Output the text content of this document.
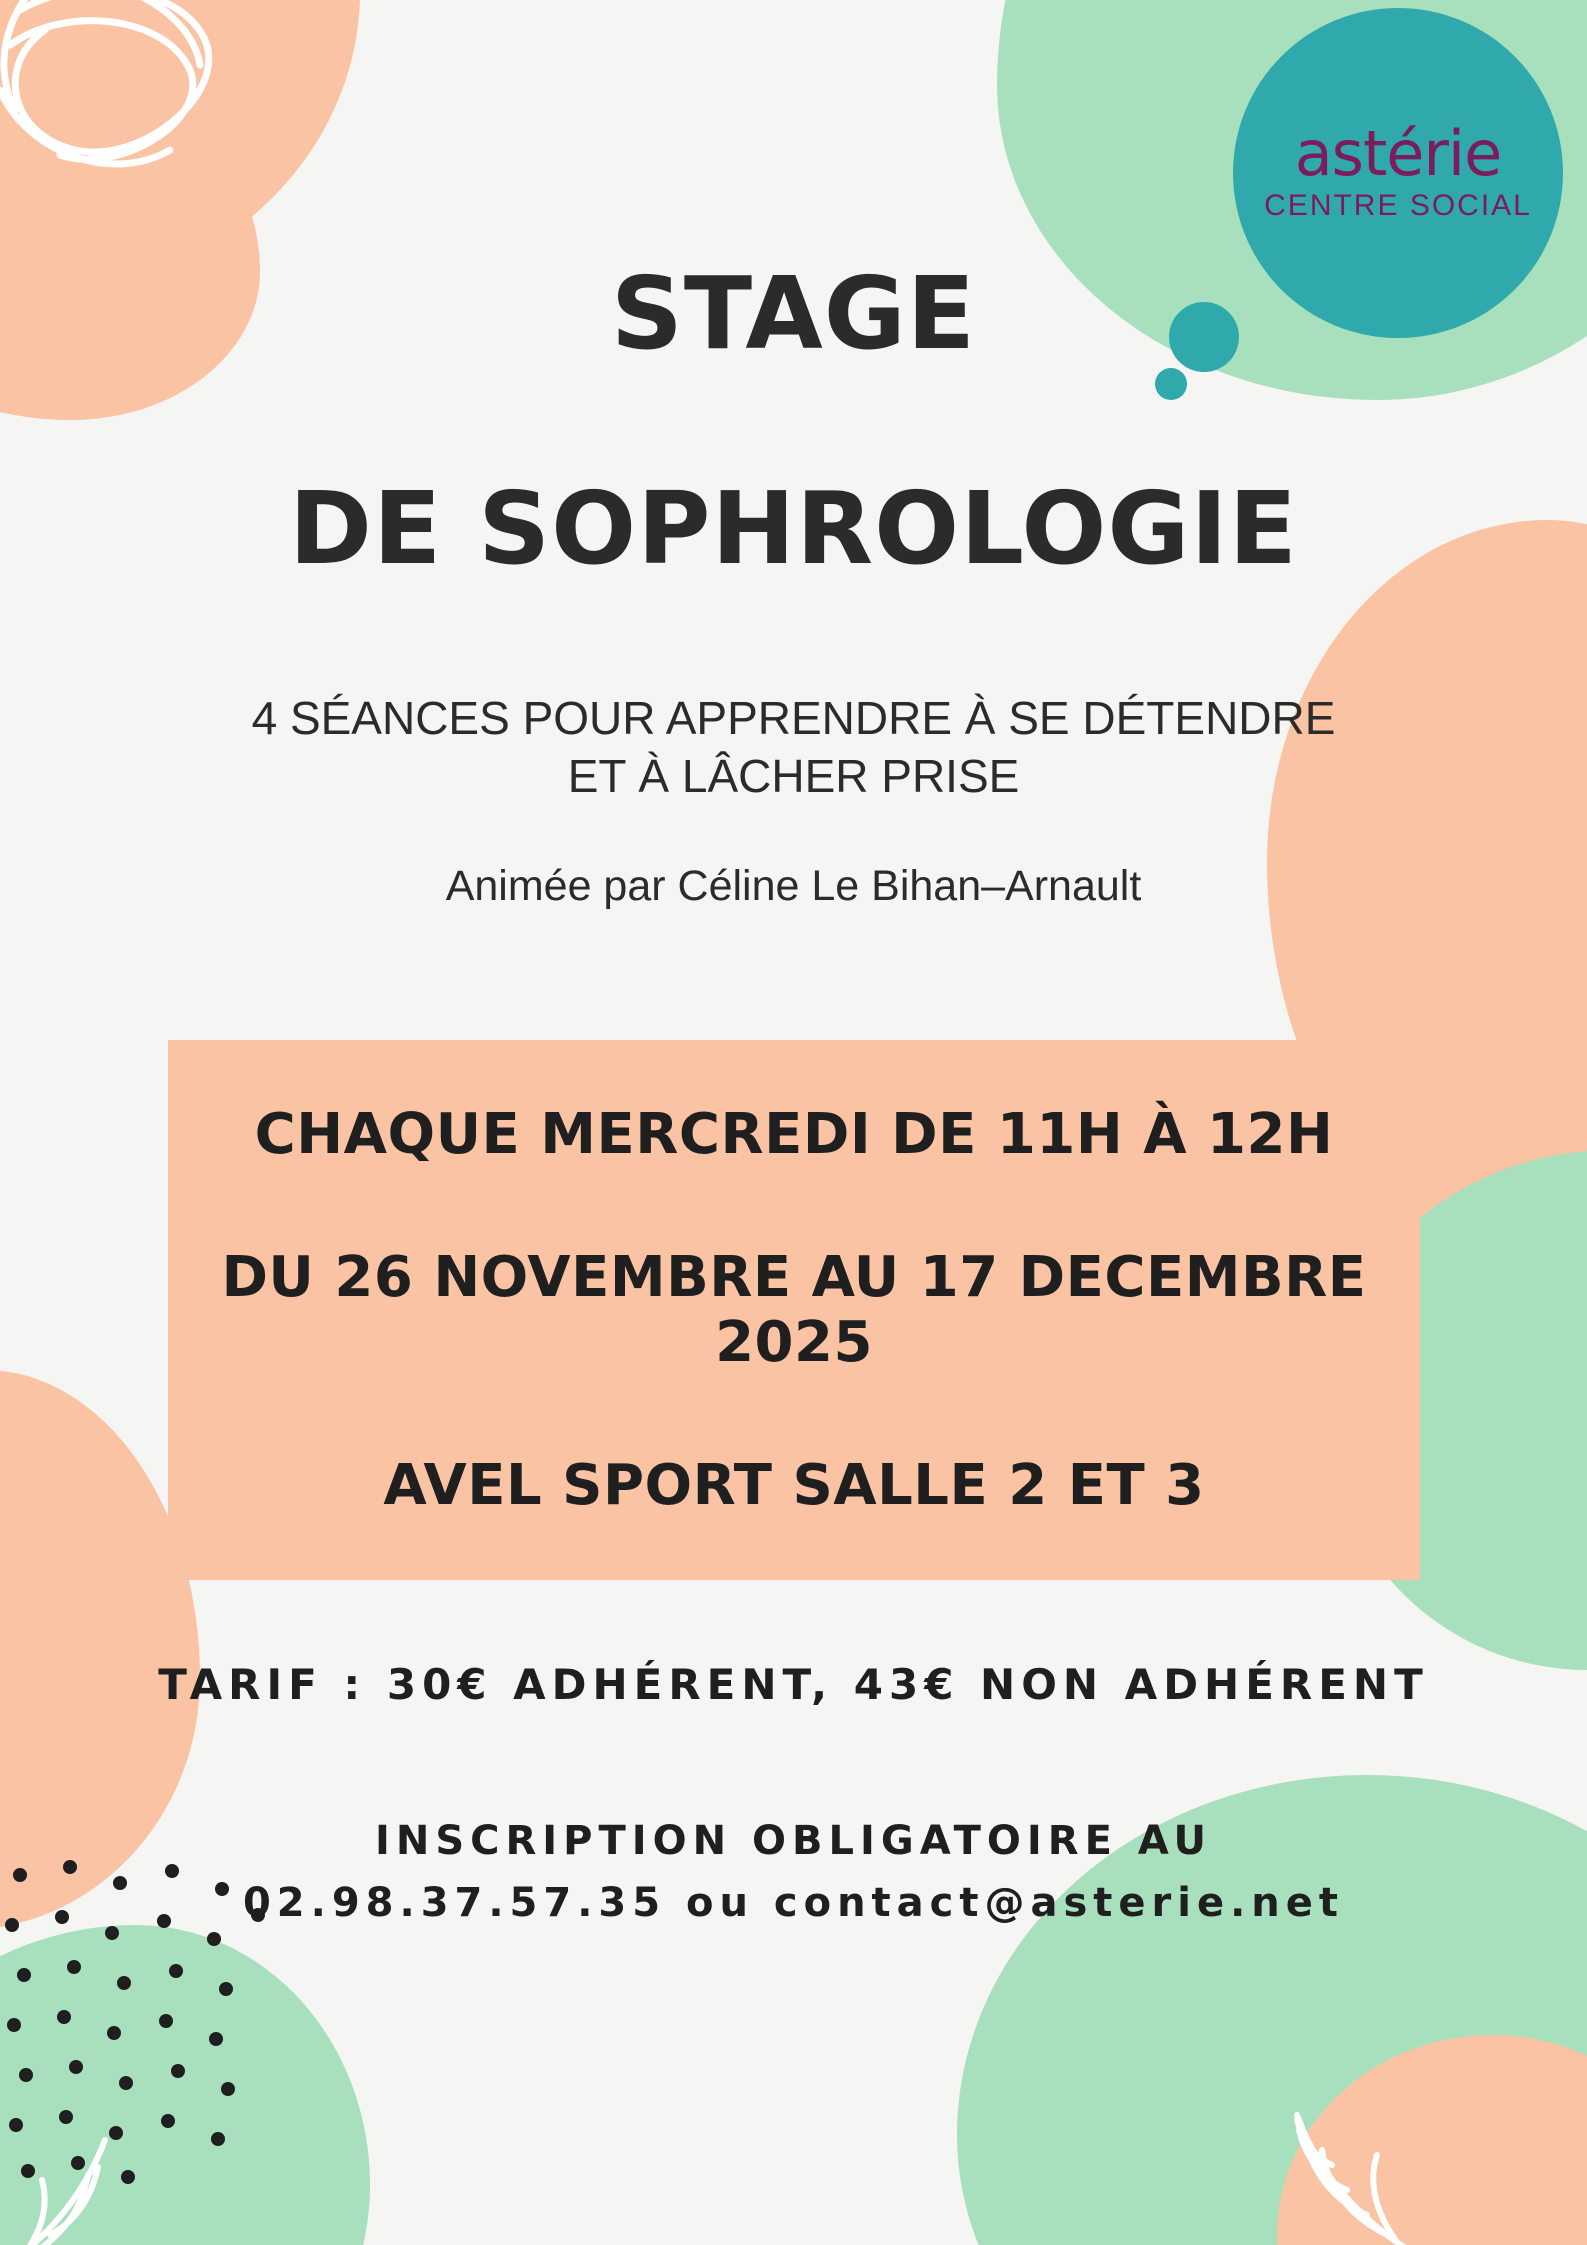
astérie
CENTRE SOCIAL
STAGE
DE SOPHROLOGIE
4 SÉANCES POUR APPRENDRE À SE DÉTENDRE
ET À LÂCHER PRISE
Animée par Céline Le Bihan–Arnault
CHAQUE MERCREDI DE 11H À 12H
DU 26 NOVEMBRE AU 17 DECEMBRE 2025
AVEL SPORT SALLE 2 ET 3
TARIF : 30€ ADHÉRENT, 43€ NON ADHÉRENT
INSCRIPTION OBLIGATOIRE AU
02.98.37.57.35 ou contact@asterie.net
